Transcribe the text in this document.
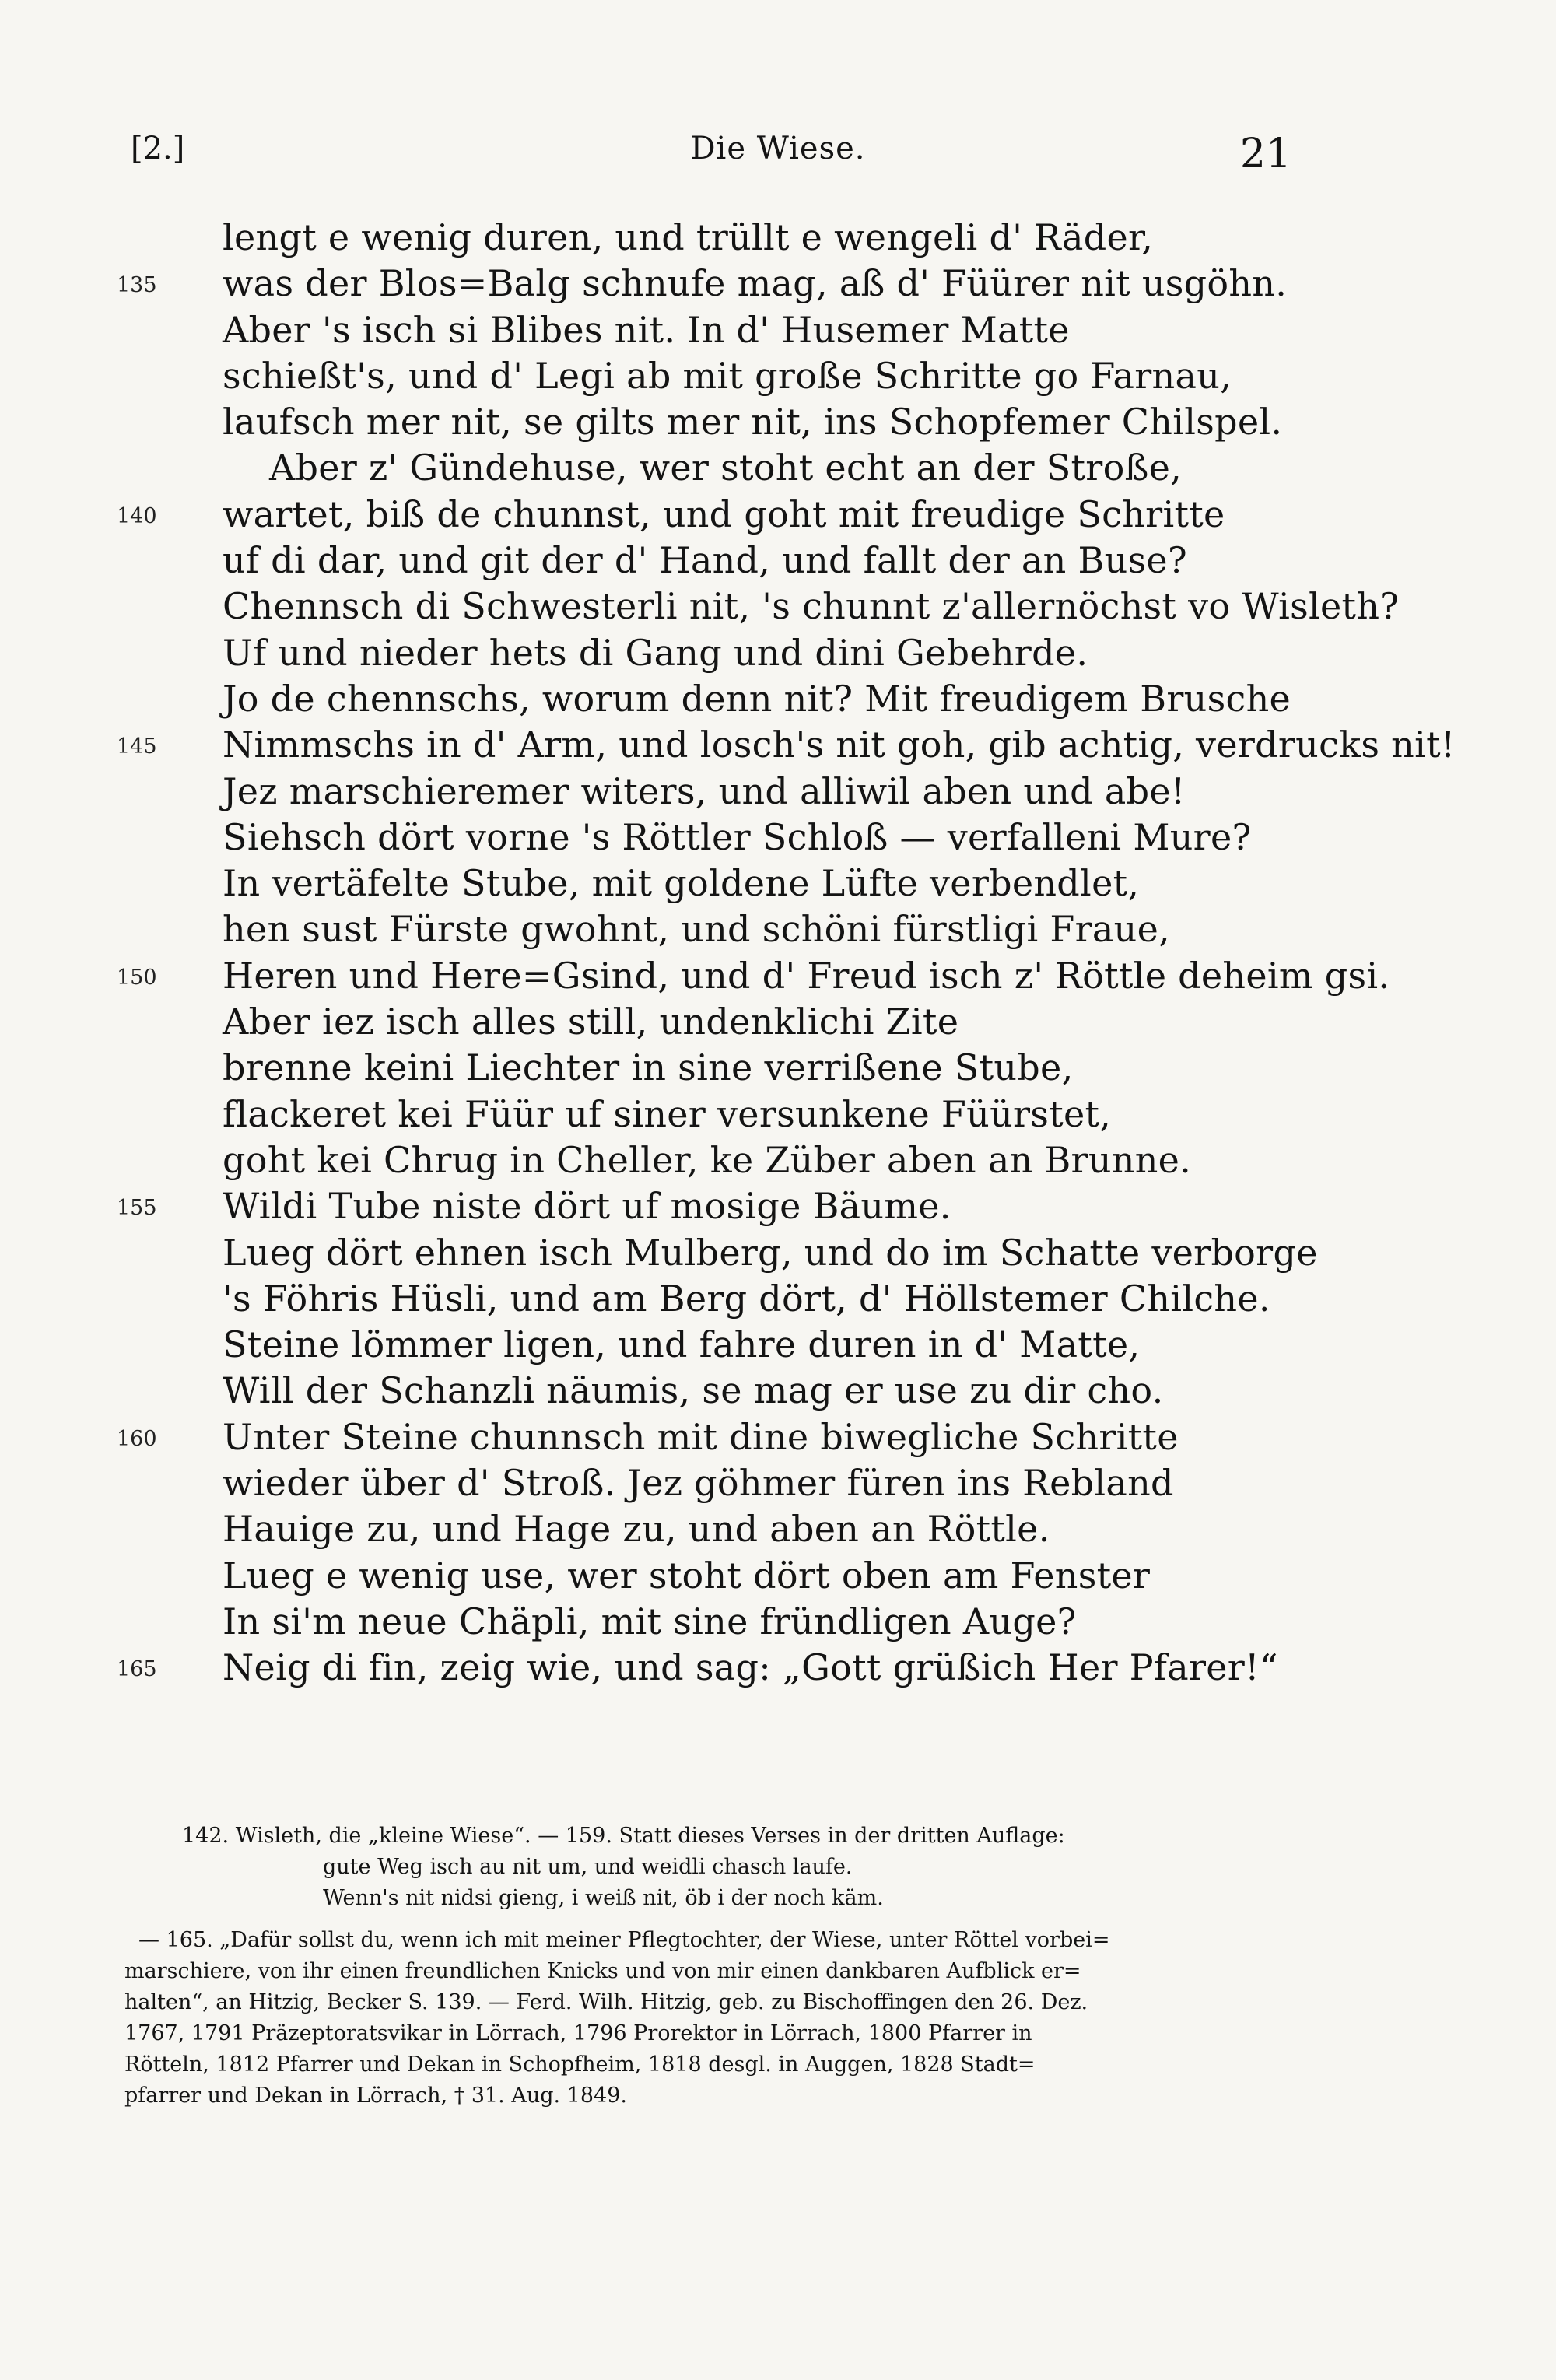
[2.]	Die Wiese.	21
lengt e wenig duren, und trüllt e wengeli d' Räder,
135 was der Blos=Balg schnufe mag, aß d' Füürer nit usgöhn.
Aber 's isch si Blibes nit. In d' Husemer Matte
schießt's, und d' Legi ab mit große Schritte go Farnau,
laufsch mer nit, se gilts mer nit, ins Schopfemer Chilspel.
Aber z' Gündehuse, wer stoht echt an der Stroße,
140 wartet, biß de chunnst, und goht mit freudige Schritte
uf di dar, und git der d' Hand, und fallt der an Buse?
Chennsch di Schwesterli nit, 's chunnt z'allernöchst vo Wisleth?
Uf und nieder hets di Gang und dini Gebehrde.
Jo de chennschs, worum denn nit? Mit freudigem Brusche
145 Nimmschs in d' Arm, und losch's nit goh, gib achtig, verdrucks nit!
Jez marschieremer witers, und alliwil aben und abe!
Siehsch dört vorne 's Röttler Schloß — verfalleni Mure?
In vertäfelte Stube, mit goldene Lüfte verbendlet,
hen sust Fürste gwohnt, und schöni fürstligi Fraue,
150 Heren und Here=Gsind, und d' Freud isch z' Röttle deheim gsi.
Aber iez isch alles still, undenklichi Zite
brenne keini Liechter in sine verrißene Stube,
flackeret kei Füür uf siner versunkene Füürstet,
goht kei Chrug in Cheller, ke Züber aben an Brunne.
155 Wildi Tube niste dört uf mosige Bäume.
Lueg dört ehnen isch Mulberg, und do im Schatte verborge
's Föhris Hüsli, und am Berg dört, d' Höllstemer Chilche.
Steine lömmer ligen, und fahre duren in d' Matte,
Will der Schanzli näumis, se mag er use zu dir cho.
160 Unter Steine chunnsch mit dine biwegliche Schritte
wieder über d' Stroß. Jez göhmer füren ins Rebland
Hauige zu, und Hage zu, und aben an Röttle.
Lueg e wenig use, wer stoht dört oben am Fenster
In si'm neue Chäpli, mit sine fründligen Auge?
165 Neig di fin, zeig wie, und sag: „Gott grüßich Her Pfarer!“

142. Wisleth, die „kleine Wiese“. — 159. Statt dieses Verses in der dritten Auflage:

gute Weg isch au nit um, und weidli chasch laufe.

Wenn's nit nidsi gieng, i weiß nit, öb i der noch käm.

— 165. „Dafür sollst du, wenn ich mit meiner Pflegtochter, der Wiese, unter Röttel vorbei=

marschiere, von ihr einen freundlichen Knicks und von mir einen dankbaren Aufblick er=

halten“, an Hitzig, Becker S. 139. — Ferd. Wilh. Hitzig, geb. zu Bischoffingen den 26. Dez.

1767, 1791 Präzeptoratsvikar in Lörrach, 1796 Prorektor in Lörrach, 1800 Pfarrer in

Rötteln, 1812 Pfarrer und Dekan in Schopfheim, 1818 desgl. in Auggen, 1828 Stadt=

pfarrer und Dekan in Lörrach, † 31. Aug. 1849.
